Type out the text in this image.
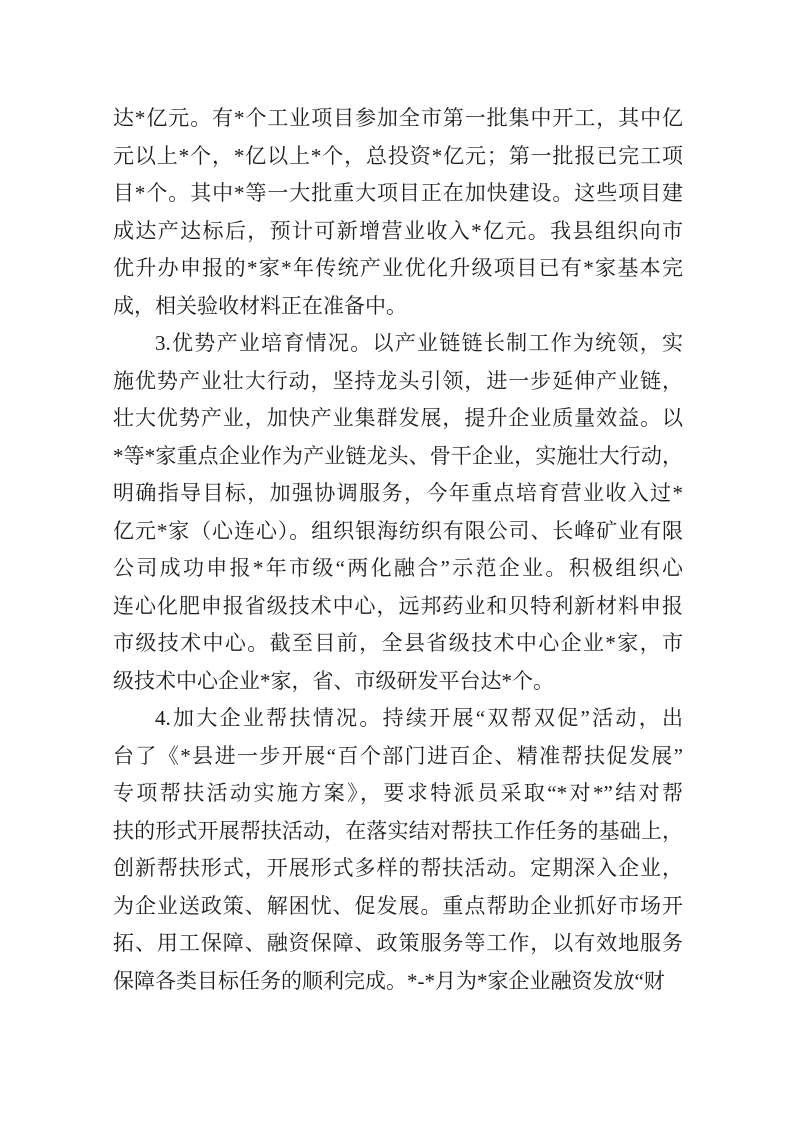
达*亿元。有*个工业项目参加全市第一批集中开工，其中亿
元以上*个，*亿以上*个，总投资*亿元；第一批报已完工项
目*个。其中*等一大批重大项目正在加快建设。这些项目建
成达产达标后，预计可新增营业收入*亿元。我县组织向市
优升办申报的*家*年传统产业优化升级项目已有*家基本完
成，相关验收材料正在准备中。
3.优势产业培育情况。以产业链链长制工作为统领，实
施优势产业壮大行动，坚持龙头引领，进一步延伸产业链，
壮大优势产业，加快产业集群发展，提升企业质量效益。以
*等*家重点企业作为产业链龙头、骨干企业，实施壮大行动，
明确指导目标，加强协调服务，今年重点培育营业收入过*
亿元*家（心连心）。组织银海纺织有限公司、长峰矿业有限
公司成功申报*年市级“两化融合”示范企业。积极组织心
连心化肥申报省级技术中心，远邦药业和贝特利新材料申报
市级技术中心。截至目前，全县省级技术中心企业*家，市
级技术中心企业*家，省、市级研发平台达*个。
4.加大企业帮扶情况。持续开展“双帮双促”活动，出
台了《*县进一步开展“百个部门进百企、精准帮扶促发展”
专项帮扶活动实施方案》，要求特派员采取“*对*”结对帮
扶的形式开展帮扶活动，在落实结对帮扶工作任务的基础上，
创新帮扶形式，开展形式多样的帮扶活动。定期深入企业，
为企业送政策、解困忧、促发展。重点帮助企业抓好市场开
拓、用工保障、融资保障、政策服务等工作，以有效地服务
保障各类目标任务的顺利完成。*-*月为*家企业融资发放“财
